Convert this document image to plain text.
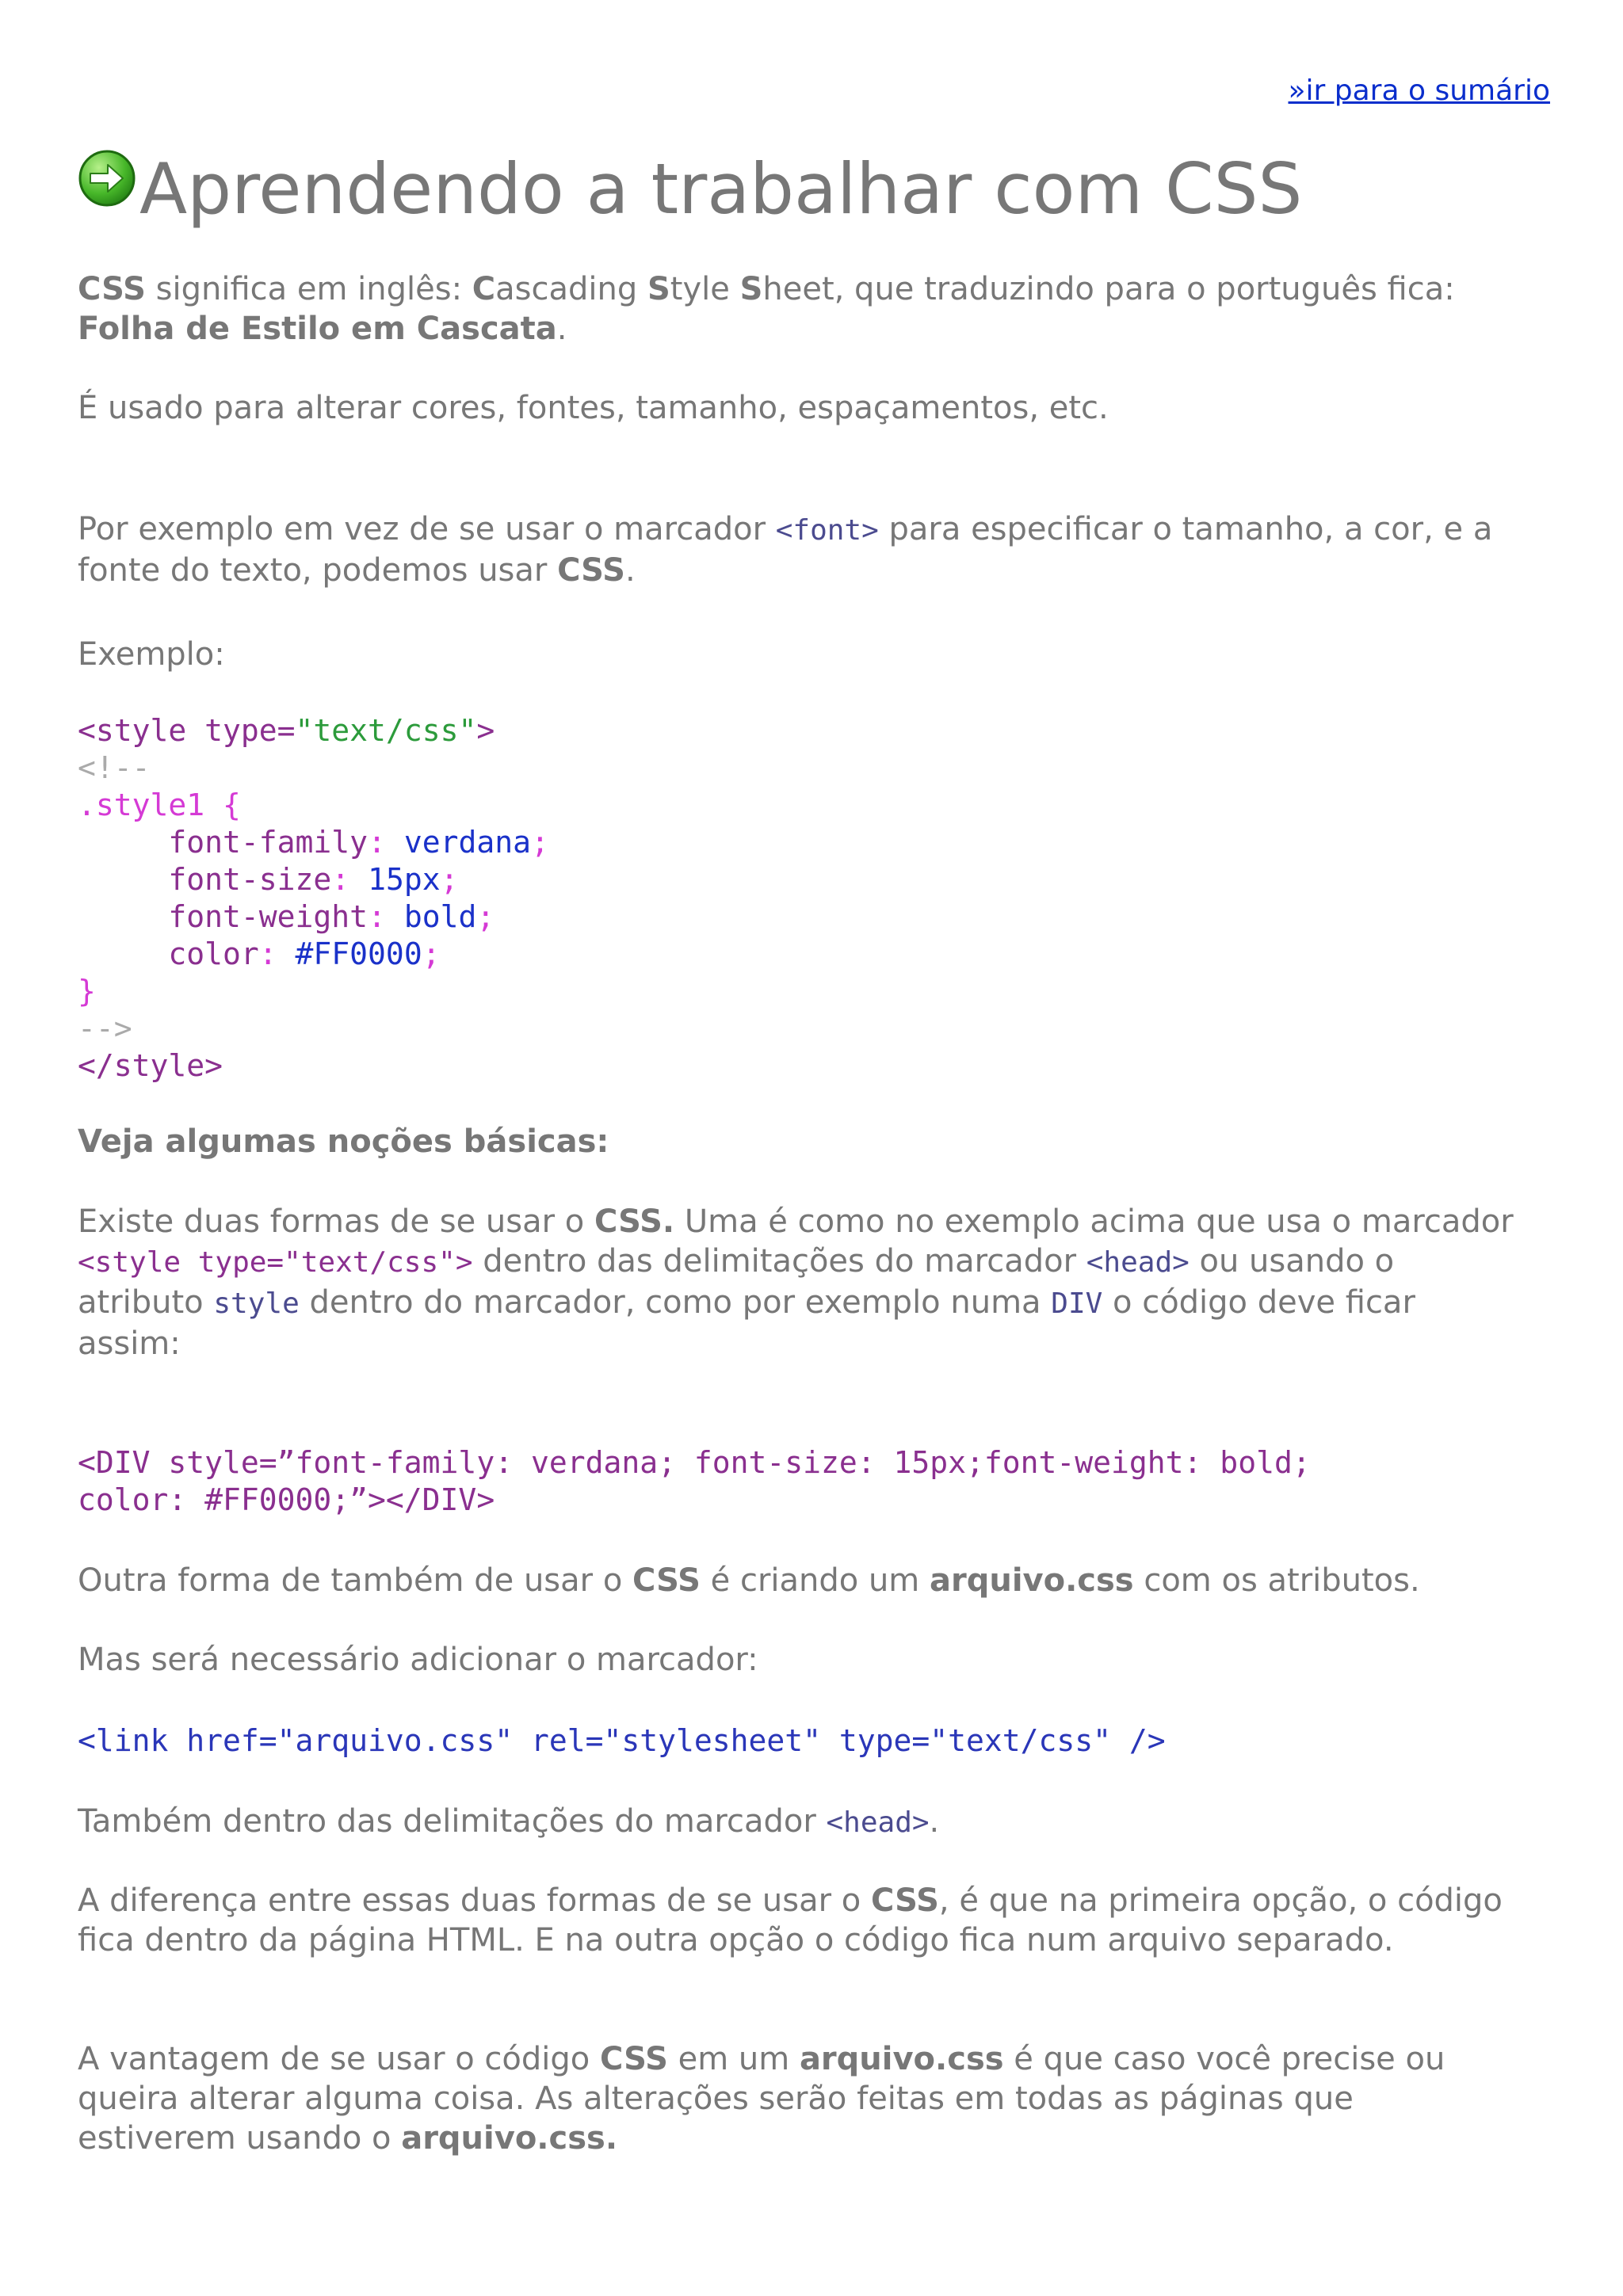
»ir para o sumário
Aprendendo a trabalhar com CSS

CSS significa em inglês: Cascading Style Sheet, que traduzindo para o português fica:
Folha de Estilo em Cascata.

É usado para alterar cores, fontes, tamanho, espaçamentos, etc.

Por exemplo em vez de se usar o marcador <font> para especificar o tamanho, a cor, e a fonte do texto, podemos usar CSS.

Exemplo:

<style type="text/css">
<!--
.style1 {
font-family: verdana;
font-size: 15px;
font-weight: bold;
color: #FF0000;
}
-->
</style>

Veja algumas noções básicas:

Existe duas formas de se usar o CSS. Uma é como no exemplo acima que usa o marcador
<style type="text/css"> dentro das delimitações do marcador <head> ou usando o atributo style dentro do marcador, como por exemplo numa DIV o código deve ficar assim:

<DIV style=”font-family: verdana; font-size: 15px;font-weight: bold;
color: #FF0000;”></DIV>

Outra forma de também de usar o CSS é criando um arquivo.css com os atributos.

Mas será necessário adicionar o marcador:

<link href="arquivo.css" rel="stylesheet" type="text/css" />

Também dentro das delimitações do marcador <head>.

A diferença entre essas duas formas de se usar o CSS, é que na primeira opção, o código fica dentro da página HTML. E na outra opção o código fica num arquivo separado.

A vantagem de se usar o código CSS em um arquivo.css é que caso você precise ou queira alterar alguma coisa. As alterações serão feitas em todas as páginas que estiverem usando o arquivo.css.
